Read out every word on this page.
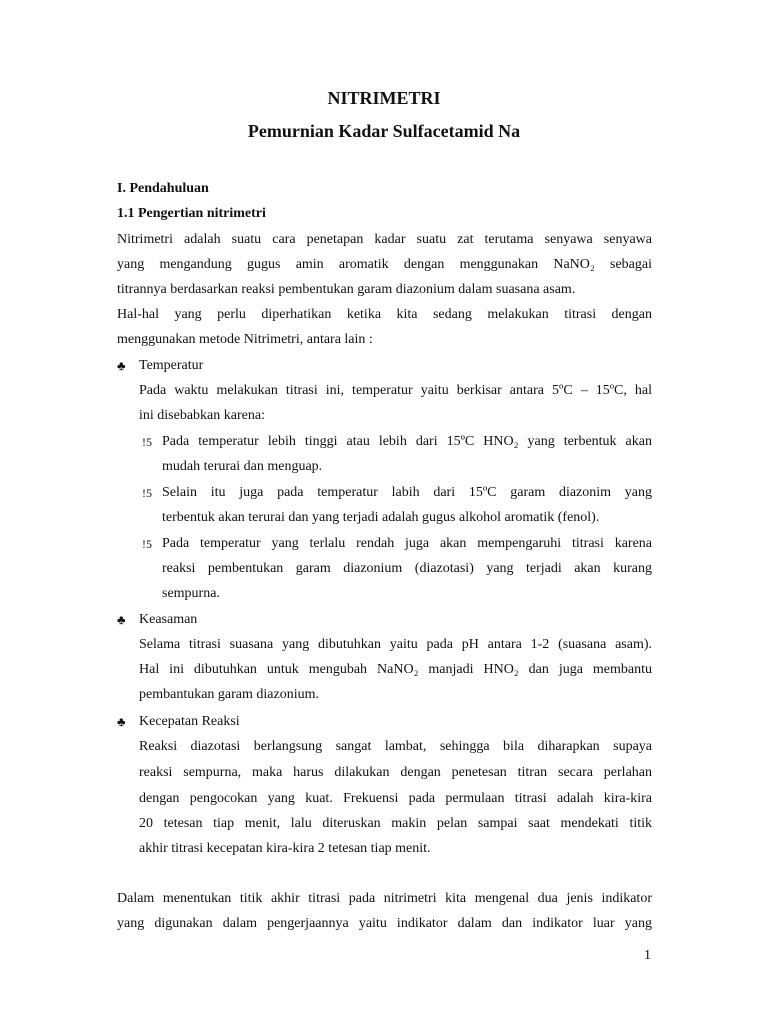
NITRIMETRI
Pemurnian Kadar Sulfacetamid Na
I. Pendahuluan
1.1 Pengertian nitrimetri
Nitrimetri adalah suatu cara penetapan kadar suatu zat terutama senyawa senyawa
yang mengandung gugus amin aromatik dengan menggunakan NaNO₂ sebagai
titrannya berdasarkan reaksi pembentukan garam diazonium dalam suasana asam.
Hal-hal yang perlu diperhatikan ketika kita sedang melakukan titrasi dengan
menggunakan metode Nitrimetri, antara lain :
♣ Temperatur
Pada waktu melakukan titrasi ini, temperatur yaitu berkisar antara 5ºC – 15ºC, hal
ini disebabkan karena:
!5 Pada temperatur lebih tinggi atau lebih dari 15ºC HNO₂ yang terbentuk akan
mudah terurai dan menguap.
!5 Selain itu juga pada temperatur labih dari 15ºC garam diazonim yang
terbentuk akan terurai dan yang terjadi adalah gugus alkohol aromatik (fenol).
!5 Pada temperatur yang terlalu rendah juga akan mempengaruhi titrasi karena
reaksi pembentukan garam diazonium (diazotasi) yang terjadi akan kurang
sempurna.
♣ Keasaman
Selama titrasi suasana yang dibutuhkan yaitu pada pH antara 1-2 (suasana asam).
Hal ini dibutuhkan untuk mengubah NaNO₂ manjadi HNO₂ dan juga membantu
pembantukan garam diazonium.
♣ Kecepatan Reaksi
Reaksi diazotasi berlangsung sangat lambat, sehingga bila diharapkan supaya
reaksi sempurna, maka harus dilakukan dengan penetesan titran secara perlahan
dengan pengocokan yang kuat. Frekuensi pada permulaan titrasi adalah kira-kira
20 tetesan tiap menit, lalu diteruskan makin pelan sampai saat mendekati titik
akhir titrasi kecepatan kira-kira 2 tetesan tiap menit.
Dalam menentukan titik akhir titrasi pada nitrimetri kita mengenal dua jenis indikator
yang digunakan dalam pengerjaannya yaitu indikator dalam dan indikator luar yang
1
